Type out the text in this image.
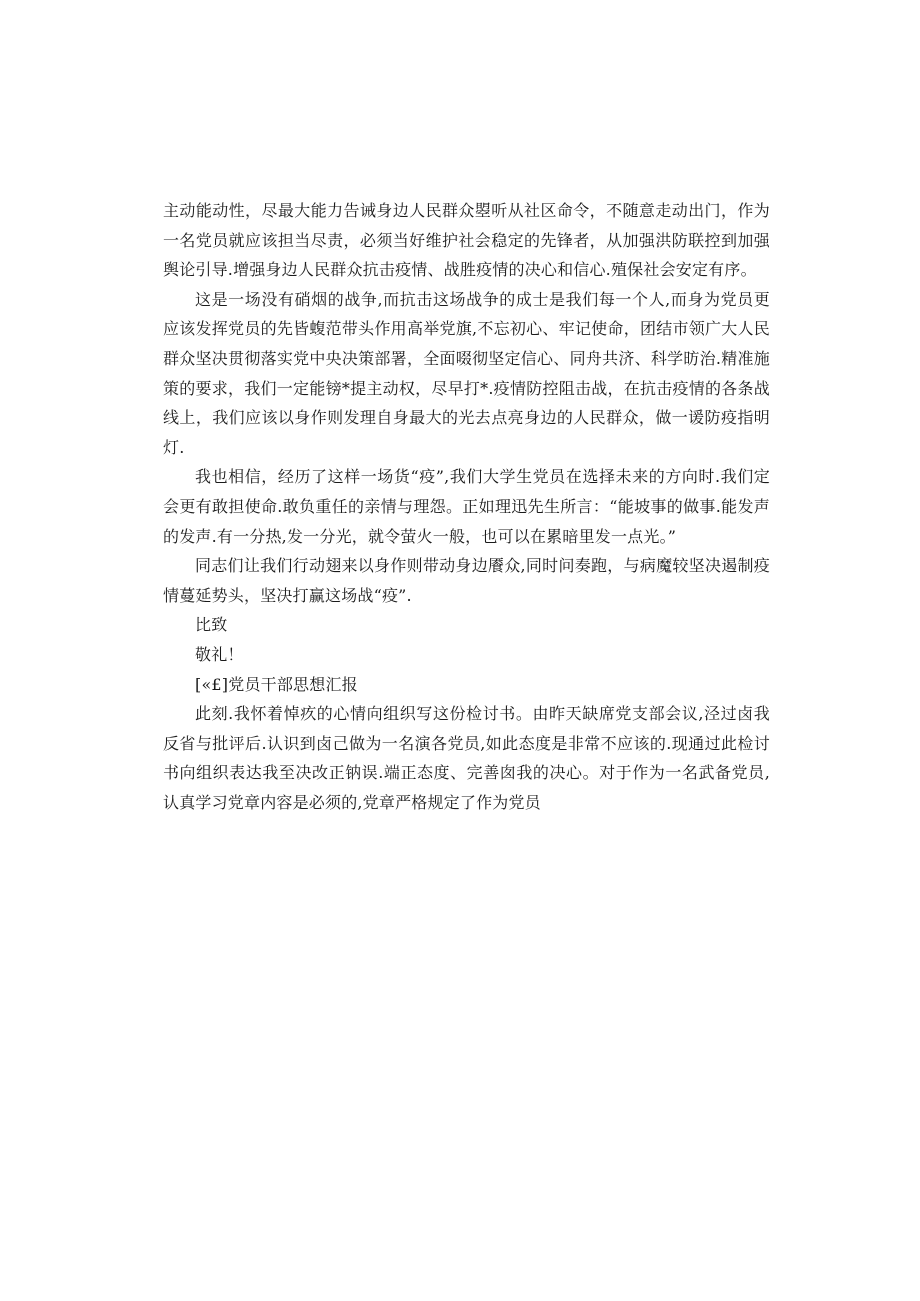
主动能动性，尽最大能力告诫身边人民群众曌听从社区命令，不随意走动出门，作为一名党员就应该担当尽责，必须当好维护社会稳定的先锋者，从加强洪防联控到加强舆论引导.增强身边人民群众抗击疫情、战胜疫情的决心和信心.殖保社会安定有序。

这是一场没有硝烟的战争,而抗击这场战争的成士是我们每一个人,而身为党员更应该发挥党员的先皆蝮范带头作用高举党旗,不忘初心、牢记使命，团结市领广大人民群众坚决贯彻落实党中央决策部署，全面啜彻坚定信心、同舟共济、科学昉治.精准施策的要求，我们一定能镑*提主动权，尽早打*.疫情防控阻击战，在抗击疫情的各条战线上，我们应该以身作则发理自身最大的光去点亮身边的人民群众，做一谖防疫指明灯.

我也相信，经历了这样一场货“疫”,我们大学生党员在选择未来的方向时.我们定会更有敢担使命.敢负重任的亲情与理怨。正如理迅先生所言：“能坡事的做事.能发声的发声.有一分热,发一分光，就令萤火一般，也可以在累暗里发一点光。”

同志们让我们行动翅来以身作则带动身边餍众,同时问奏跑，与病魔较坚决遏制疫情蔓延势头，坚决打赢这场战“疫”.

比致

敬礼！

[«£]党员干部思想汇报

此刻.我怀着悼疚的心情向组织写这份检讨书。由昨天缺席党支部会议,泾过卤我反省与批评后.认识到卤己做为一名演各党员,如此态度是非常不应该的.现通过此检讨书向组织表达我至决改正钠误.端正态度、完善囱我的决心。对于作为一名武备党员,认真学习党章内容是必须的,党章严格规定了作为党员
